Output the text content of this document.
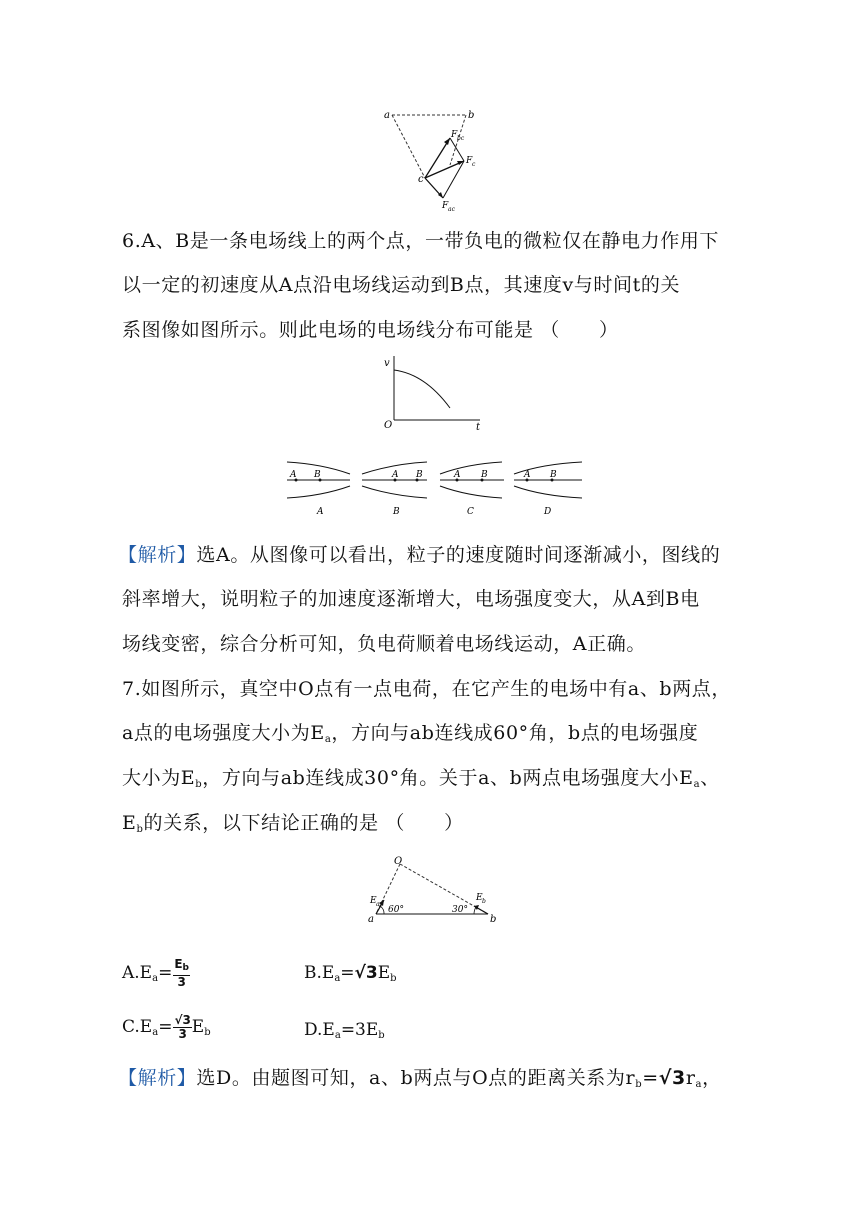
a	b
c
F bc
F c
F ac
6.A、B是一条电场线上的两个点，一带负电的微粒仅在静电力作用下
以一定的初速度从A点沿电场线运动到B点，其速度v与时间t的关
系图像如图所示。则此电场的电场线分布可能是 （　　）
v
t
O
A B
A
A B
B
A B
C
A B
D
【解析】选A。从图像可以看出，粒子的速度随时间逐渐减小，图线的
斜率增大，说明粒子的加速度逐渐增大，电场强度变大，从A到B电
场线变密，综合分析可知，负电荷顺着电场线运动，A正确。
7.如图所示，真空中O点有一点电荷，在它产生的电场中有a、b两点，
a点的电场强度大小为$E_a$，方向与ab连线成60°角，b点的电场强度
大小为$E_b$，方向与ab连线成30°角。关于a、b两点电场强度大小$E_a$、
$E_b$的关系，以下结论正确的是 （　　）
O
a	b
E a
E b
60°	30°
$A.E_a= \frac{E_b}{3}$	$B.E_a=√3E_b$
$C.E_a= \frac{√3}{3} E_b$	$D.E_a=3E_b$
【解析】选D。由题图可知，a、b两点与O点的距离关系为$r_b=√3r_a$，
